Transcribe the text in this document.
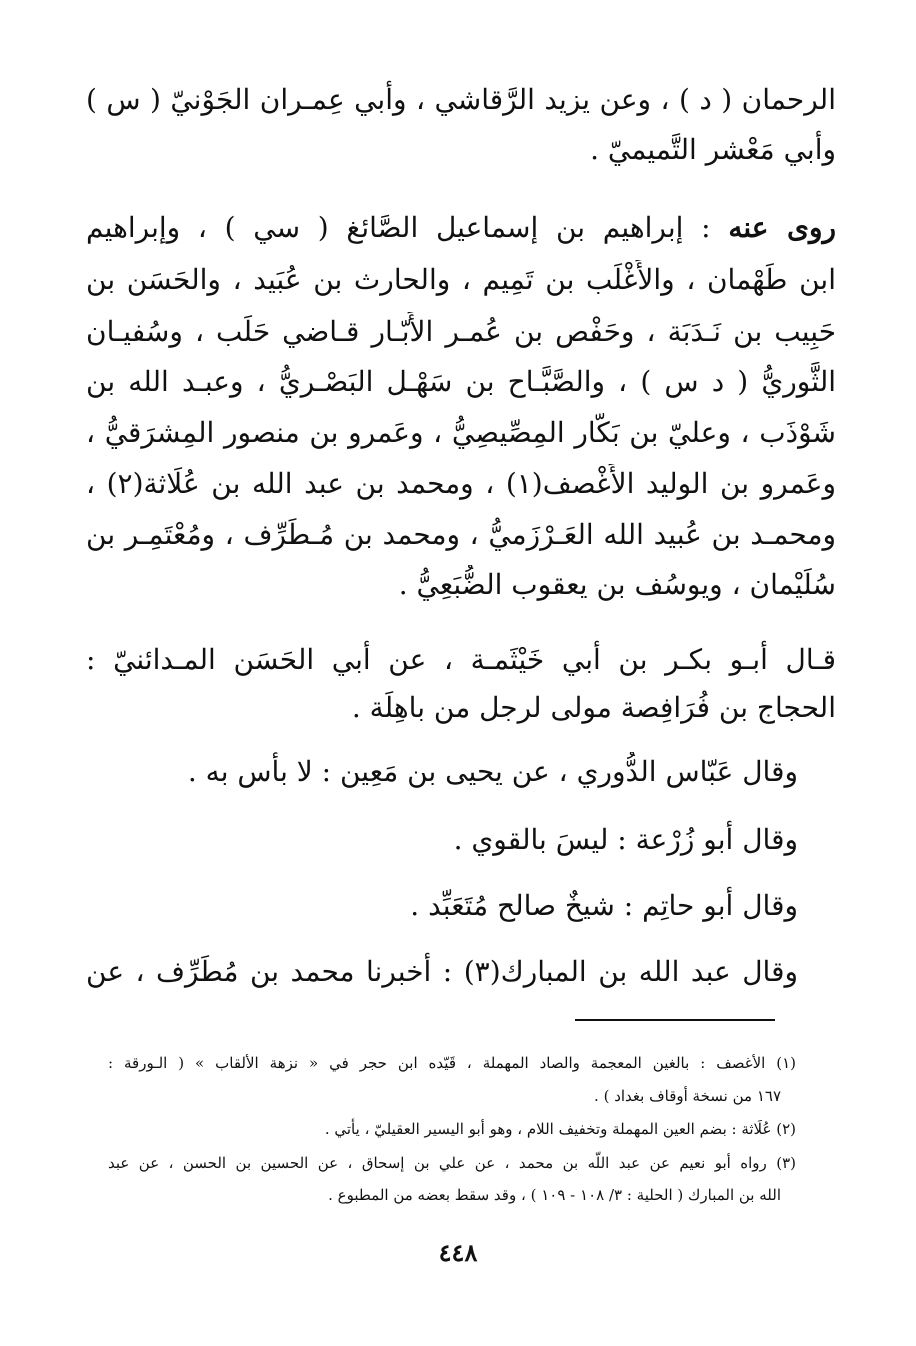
الرحمان ( د ) ، وعن يزيد الرَّقاشي ، وأبي عِمـران الجَوْنيّ ( س )
وأبي مَعْشر التَّميميّ .
روى عنه : إبراهيم بن إسماعيل الصَّائغ ( سي ) ، وإبراهيم
ابن طَهْمان ، والأَغْلَب بن تَمِيم ، والحارث بن عُبَيد ، والحَسَن بن
حَبِيب بن نَـدَبَة ، وحَفْص بن عُمـر الأَبّـار قـاضي حَلَب ، وسُفيـان
الثَّوريُّ ( د س ) ، والصَّبَّـاح بن سَهْـل البَصْـريُّ ، وعبـد الله بن
شَوْذَب ، وعليّ بن بَكّار المِصِّيصِيُّ ، وعَمرو بن منصور المِشرَقيُّ ،
وعَمرو بن الوليد الأَغْصف(١) ، ومحمد بن عبد الله بن عُلَاثة(٢) ،
ومحمـد بن عُبيد الله العَـرْزَميُّ ، ومحمد بن مُـطَرِّف ، ومُعْتَمِـر بن
سُلَيْمان ، ويوسُف بن يعقوب الضُّبَعِيُّ .
قـال أبـو بكـر بن أبي خَيْثَمـة ، عن أبي الحَسَن المـدائنيّ :
الحجاج بن فُرَافِصة مولى لرجل من باهِلَة .
وقال عَبّاس الدُّوري ، عن يحيى بن مَعِين : لا بأس به .
وقال أبو زُرْعة : ليسَ بالقوي .
وقال أبو حاتِم : شيخٌ صالح مُتَعَبِّد .
وقال عبد الله بن المبارك(٣) : أخبرنا محمد بن مُطَرِّف ، عن
(١) الأغصف : بالغين المعجمة والصاد المهملة ، قَيّده ابن حجر في « نزهة الألقاب » ( الـورقة :
١٦٧ من نسخة أوقاف بغداد ) .
(٢) عُلَاثة : بضم العين المهملة وتخفيف اللام ، وهو أبو اليسير العقيليّ ، يأتي .
(٣) رواه أبو نعيم عن عبد اللّه بن محمد ، عن علي بن إسحاق ، عن الحسين بن الحسن ، عن عبد
الله بن المبارك ( الحلية : ٣/ ١٠٨ - ١٠٩ ) ، وقد سقط بعضه من المطبوع .
٤٤٨
